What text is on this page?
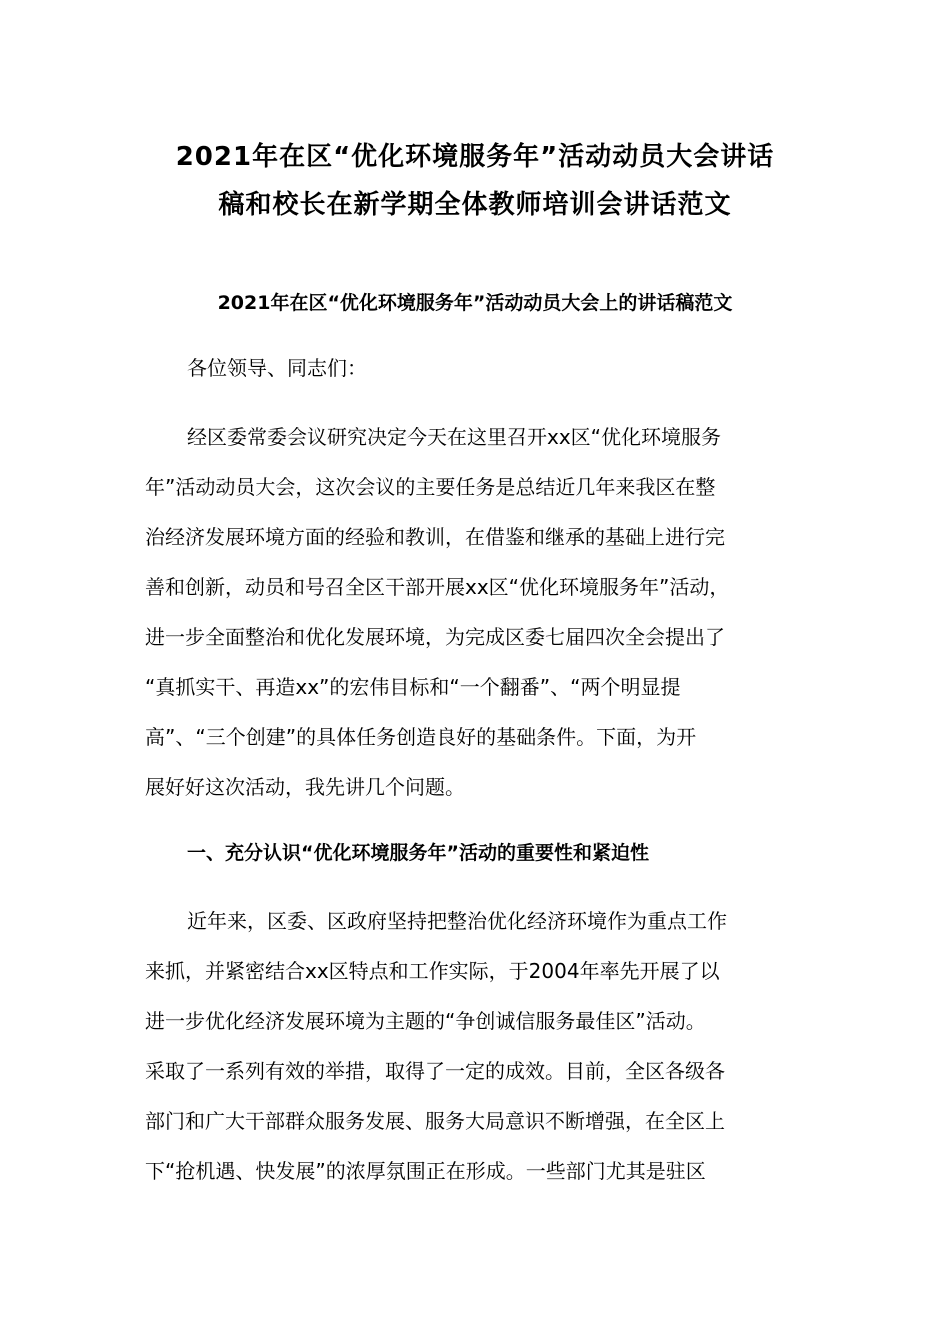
2021年在区“优化环境服务年”活动动员大会讲话
稿和校长在新学期全体教师培训会讲话范文
2021年在区“优化环境服务年”活动动员大会上的讲话稿范文
各位领导、同志们：
经区委常委会议研究决定今天在这里召开xx区“优化环境服务
年”活动动员大会，这次会议的主要任务是总结近几年来我区在整
治经济发展环境方面的经验和教训，在借鉴和继承的基础上进行完
善和创新，动员和号召全区干部开展xx区“优化环境服务年”活动，
进一步全面整治和优化发展环境，为完成区委七届四次全会提出了
“真抓实干、再造xx”的宏伟目标和“一个翻番”、“两个明显提
高”、“三个创建”的具体任务创造良好的基础条件。下面，为开
展好好这次活动，我先讲几个问题。
一、充分认识“优化环境服务年”活动的重要性和紧迫性
近年来，区委、区政府坚持把整治优化经济环境作为重点工作
来抓，并紧密结合xx区特点和工作实际，于2004年率先开展了以
进一步优化经济发展环境为主题的“争创诚信服务最佳区”活动。
采取了一系列有效的举措，取得了一定的成效。目前，全区各级各
部门和广大干部群众服务发展、服务大局意识不断增强，在全区上
下“抢机遇、快发展”的浓厚氛围正在形成。一些部门尤其是驻区
